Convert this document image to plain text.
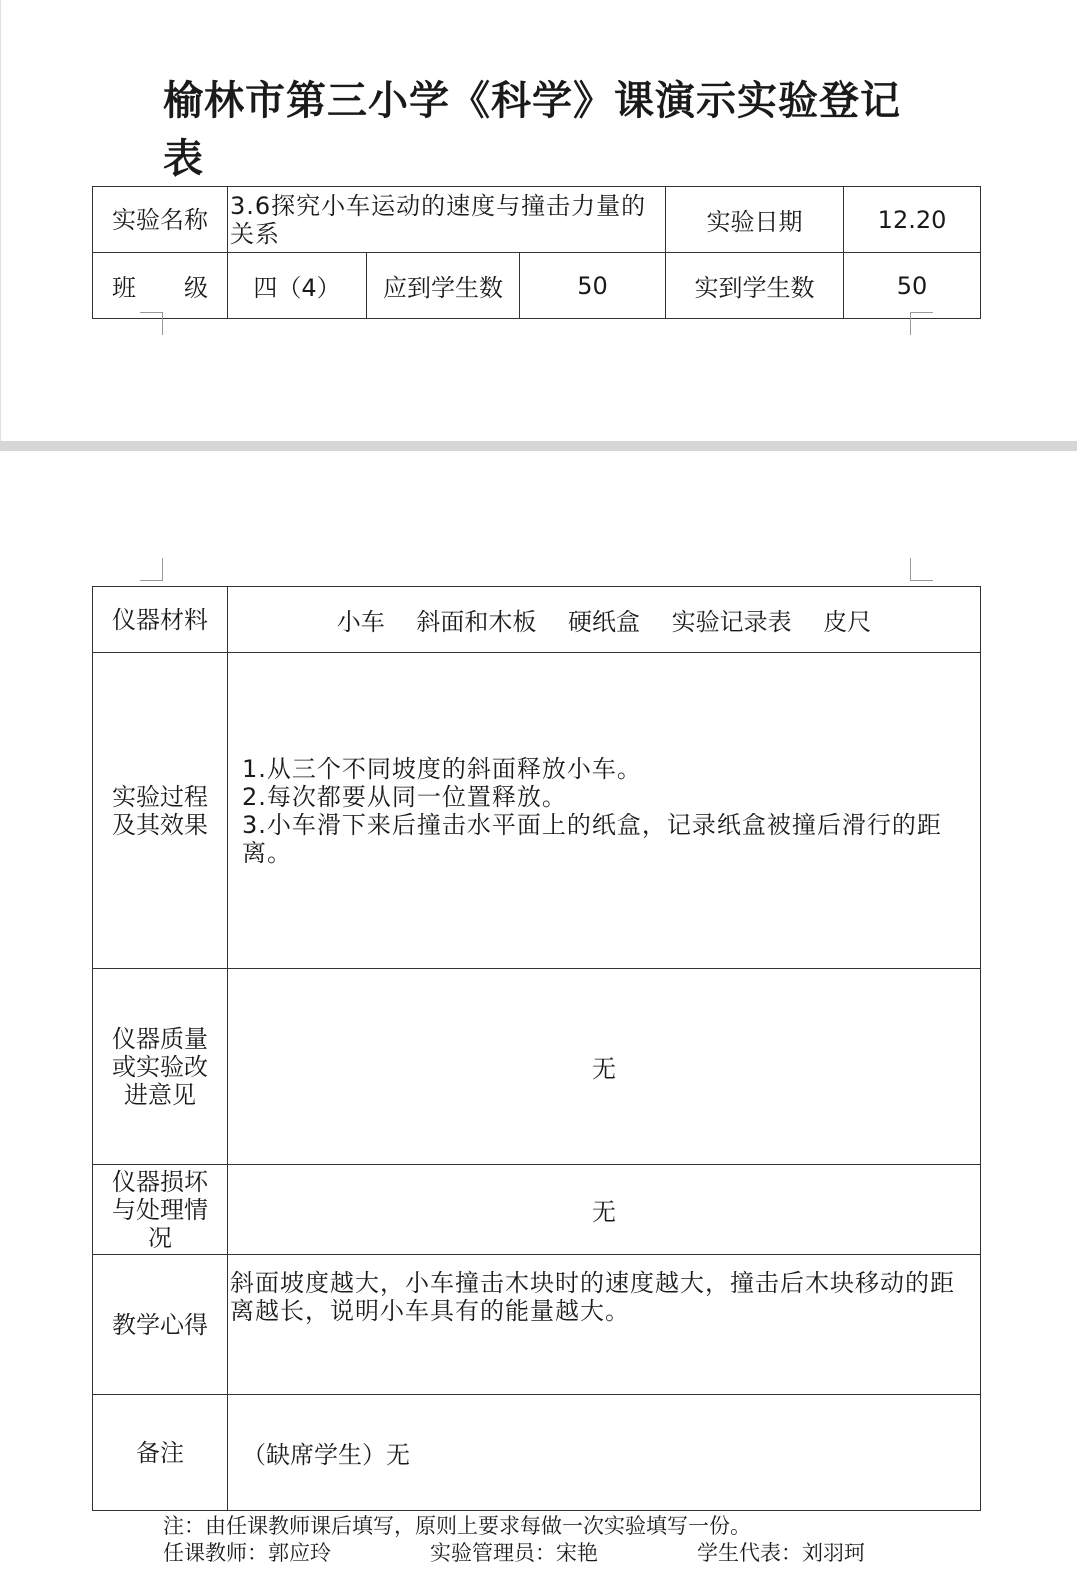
榆林市第三小学《科学》课演示实验登记表
实验名称	3.6探究小车运动的速度与撞击力量的关系			实验日期	12.20
班　　级	四（4）	应到学生数	50	实到学生数	50
仪器材料	小车　 斜面和木板　 硬纸盒　 实验记录表　 皮尺

实验过程及其效果	1.从三个不同坡度的斜面释放小车。
2.每次都要从同一位置释放。
3.小车滑下来后撞击水平面上的纸盒，记录纸盒被撞后滑行的距离。

仪器质量或实验改进意见	无

仪器损坏与处理情况	无
教学心得	斜面坡度越大，小车撞击木块时的速度越大，撞击后木块移动的距离越长，说明小车具有的能量越大。
备注	（缺席学生）无
注：由任课教师课后填写，原则上要求每做一次实验填写一份。
任课教师：郭应玲	实验管理员：宋艳	学生代表：刘羽珂
